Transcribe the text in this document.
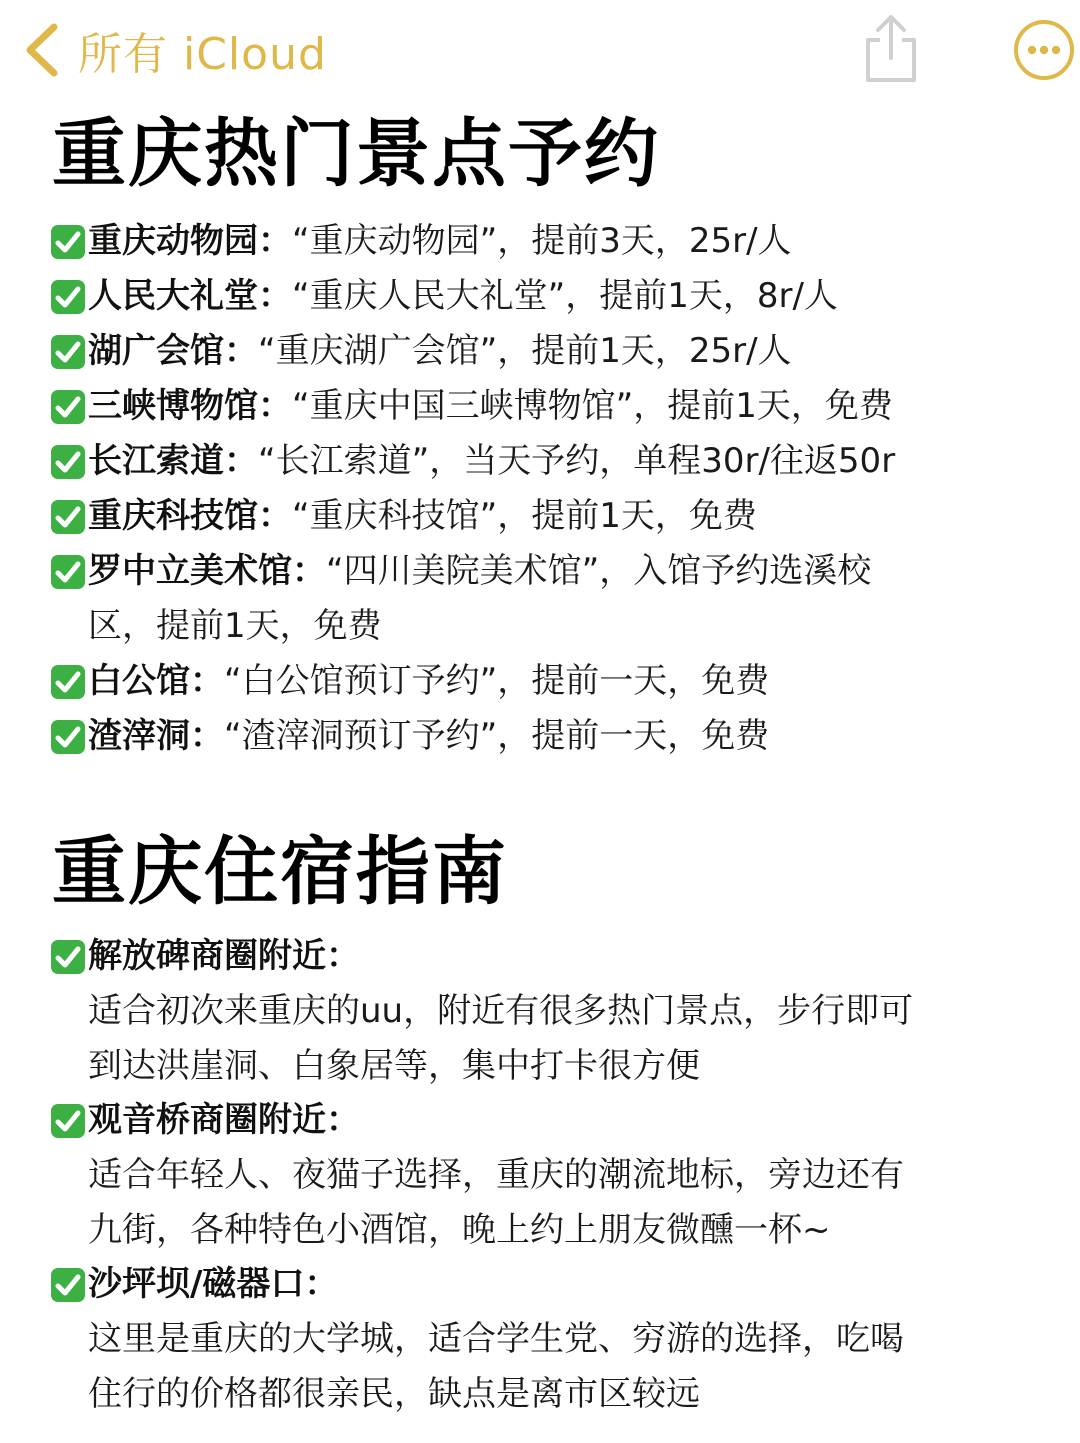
所有 iCloud
重庆热门景点予约
重庆动物园： “重庆动物园”，提前3天，25r/人
人民大礼堂： “重庆人民大礼堂”，提前1天，8r/人
湖广会馆： “重庆湖广会馆”，提前1天，25r/人
三峡博物馆： “重庆中国三峡博物馆”，提前1天，免费
长江索道： “长江索道”，当天予约，单程30r/往返50r
重庆科技馆： “重庆科技馆”，提前1天，免费
罗中立美术馆： “四川美院美术馆”，入馆予约选溪校
区，提前1天，免费
白公馆： “白公馆预订予约”，提前一天，免费
渣滓洞： “渣滓洞预订予约”，提前一天，免费
重庆住宿指南
解放碑商圈附近：
适合初次来重庆的uu，附近有很多热门景点，步行即可
到达洪崖洞、白象居等，集中打卡很方便
观音桥商圈附近：
适合年轻人、夜猫子选择，重庆的潮流地标，旁边还有
九街，各种特色小酒馆，晚上约上朋友微醺一杯~
沙坪坝/磁器口：
这里是重庆的大学城，适合学生党、穷游的选择，吃喝
住行的价格都很亲民，缺点是离市区较远
